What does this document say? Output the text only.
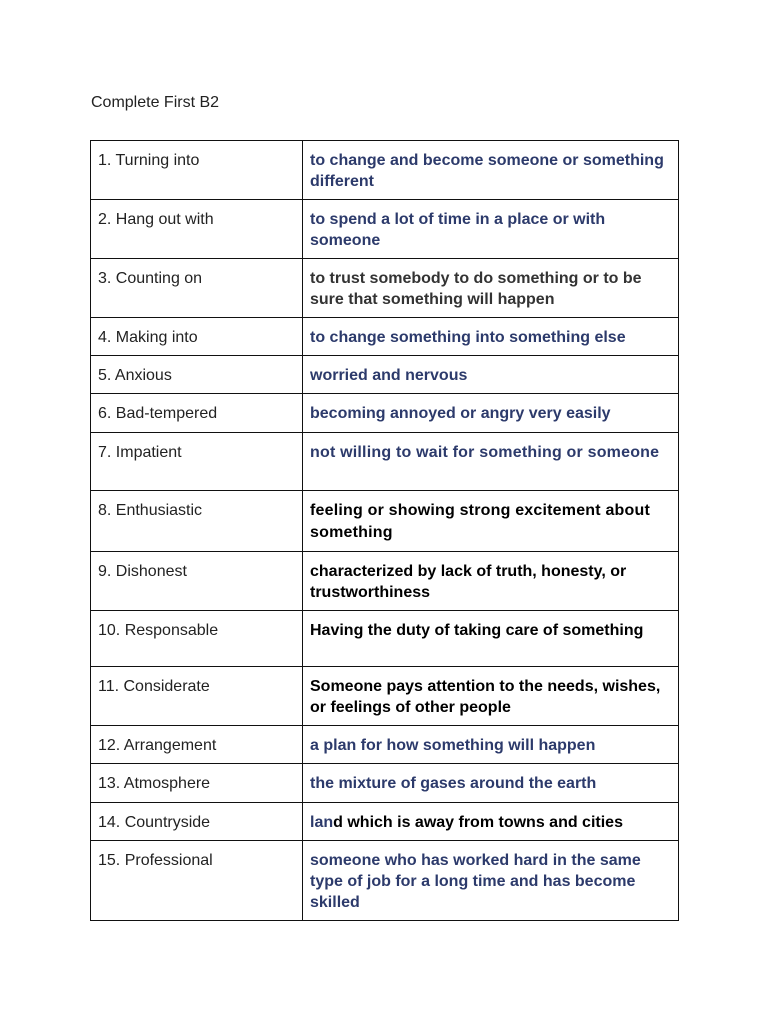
Complete First B2
1. Turning into	to change and become someone or something different
2. Hang out with	to spend a lot of time in a place or with someone
3. Counting on	to trust somebody to do something or to be sure that something will happen
4. Making into	to change something into something else
5. Anxious	worried and nervous
6. Bad-tempered	becoming annoyed or angry very easily
7. Impatient	not willing to wait for something or someone
8. Enthusiastic	feeling or showing strong excitement about something
9. Dishonest	characterized by lack of truth, honesty, or trustworthiness
10. Responsable	Having the duty of taking care of something
11. Considerate	Someone pays attention to the needs, wishes, or feelings of other people
12. Arrangement	a plan for how something will happen
13. Atmosphere	the mixture of gases around the earth
14. Countryside	land which is away from towns and cities
15. Professional	someone who has worked hard in the same type of job for a long time and has become skilled
